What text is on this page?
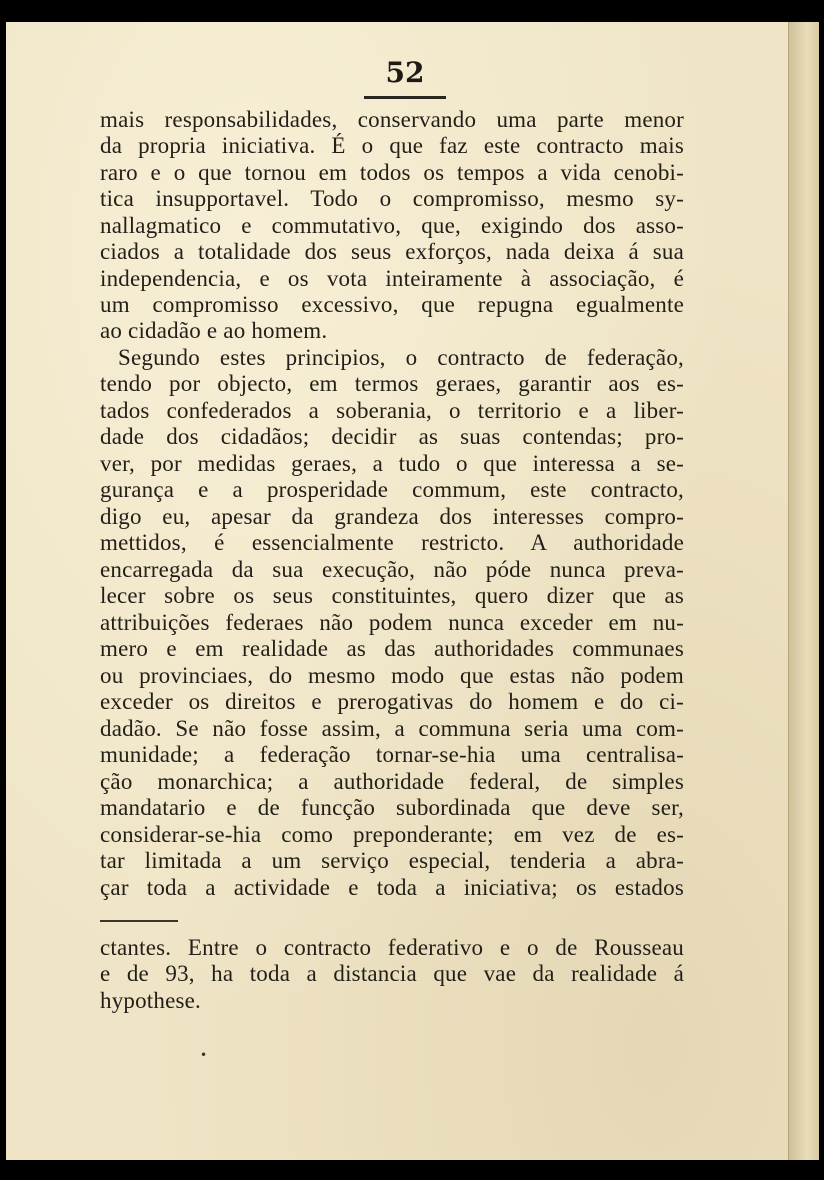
52
mais responsabilidades, conservando uma parte menor
da propria iniciativa. É o que faz este contracto mais
raro e o que tornou em todos os tempos a vida cenobi-
tica insupportavel. Todo o compromisso, mesmo sy-
nallagmatico e commutativo, que, exigindo dos asso-
ciados a totalidade dos seus exforços, nada deixa á sua
independencia, e os vota inteiramente à associação, é
um compromisso excessivo, que repugna egualmente
ao cidadão e ao homem.
Segundo estes principios, o contracto de federação,
tendo por objecto, em termos geraes, garantir aos es-
tados confederados a soberania, o territorio e a liber-
dade dos cidadãos; decidir as suas contendas; pro-
ver, por medidas geraes, a tudo o que interessa a se-
gurança e a prosperidade commum, este contracto,
digo eu, apesar da grandeza dos interesses compro-
mettidos, é essencialmente restricto. A authoridade
encarregada da sua execução, não póde nunca preva-
lecer sobre os seus constituintes, quero dizer que as
attribuições federaes não podem nunca exceder em nu-
mero e em realidade as das authoridades communaes
ou provinciaes, do mesmo modo que estas não podem
exceder os direitos e prerogativas do homem e do ci-
dadão. Se não fosse assim, a communa seria uma com-
munidade; a federação tornar-se-hia uma centralisa-
ção monarchica; a authoridade federal, de simples
mandatario e de funcção subordinada que deve ser,
considerar-se-hia como preponderante; em vez de es-
tar limitada a um serviço especial, tenderia a abra-
çar toda a actividade e toda a iniciativa; os estados
ctantes. Entre o contracto federativo e o de Rousseau
e de 93, ha toda a distancia que vae da realidade á
hypothese.
•
